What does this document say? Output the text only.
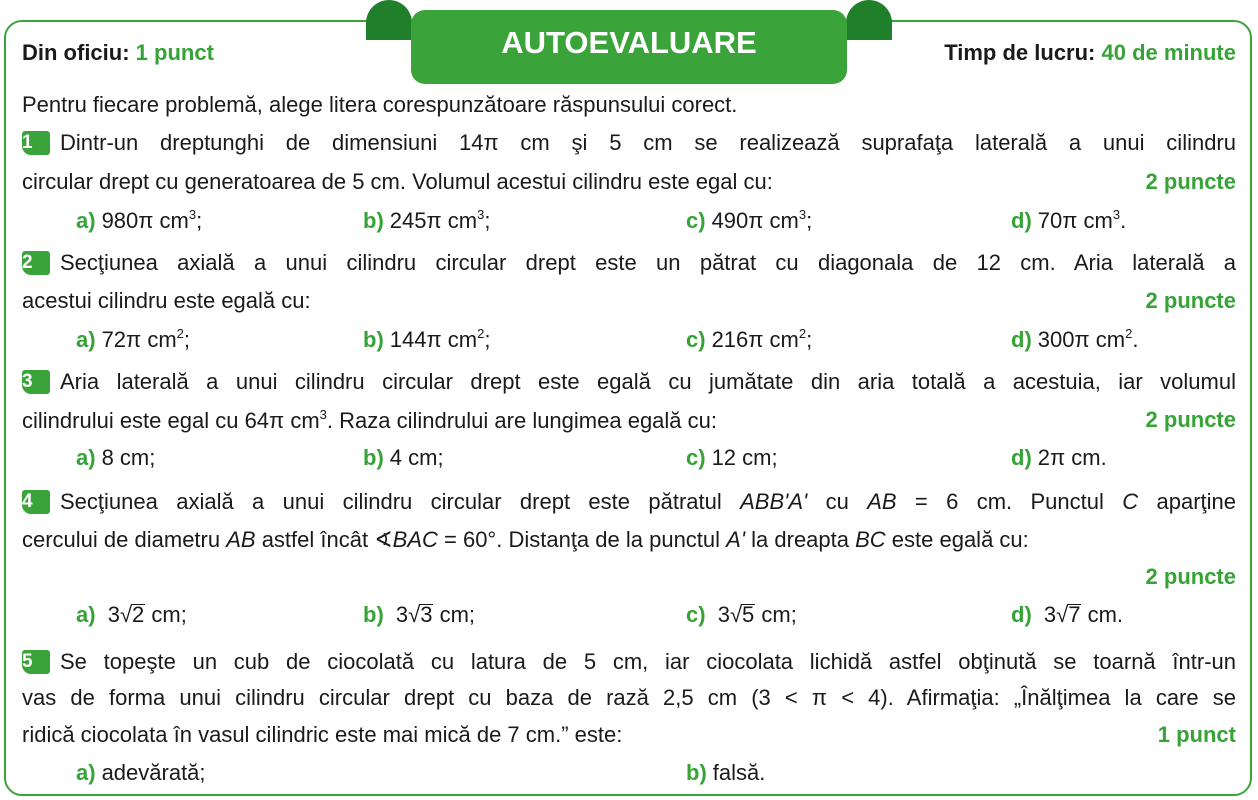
AUTOEVALUARE
Din oficiu: 1 punct	Timp de lucru: 40 de minute
Pentru fiecare problemă, alege litera corespunzătoare răspunsului corect.
1 Dintr-un dreptunghi de dimensiuni 14π cm şi 5 cm se realizează suprafaţa laterală a unui cilindru
circular drept cu generatoarea de 5 cm. Volumul acestui cilindru este egal cu:	2 puncte
a) 980π $cm^3$;	b) 245π $cm^3$;	c) 490π $cm^3$;	d) 70π $cm^3$.
2 Secţiunea axială a unui cilindru circular drept este un pătrat cu diagonala de 12 cm. Aria laterală a
acestui cilindru este egală cu:	2 puncte
a) 72π $cm^2$;	b) 144π $cm^2$;	c) 216π $cm^2$;	d) 300π $cm^2$.
3 Aria laterală a unui cilindru circular drept este egală cu jumătate din aria totală a acestuia, iar volumul
cilindrului este egal cu 64π $cm^3$. Raza cilindrului are lungimea egală cu:	2 puncte
a) 8 cm;	b) 4 cm;	c) 12 cm;	d) 2π cm.
4 Secţiunea axială a unui cilindru circular drept este pătratul ABB'A' cu AB = 6 cm. Punctul C aparţine
cercului de diametru AB astfel încât ∢BAC = 60°. Distanţa de la punctul A' la dreapta BC este egală cu:
2 puncte
a) 3√2 cm;	b) 3√3 cm;	c) 3√5 cm;	d) 3√7 cm.
5 Se topeşte un cub de ciocolată cu latura de 5 cm, iar ciocolata lichidă astfel obţinută se toarnă într-un
vas de forma unui cilindru circular drept cu baza de rază 2,5 cm (3 < π < 4). Afirmaţia: „Înălţimea la care se
ridică ciocolata în vasul cilindric este mai mică de 7 cm.” este:	1 punct
a) adevărată;	b) falsă.
